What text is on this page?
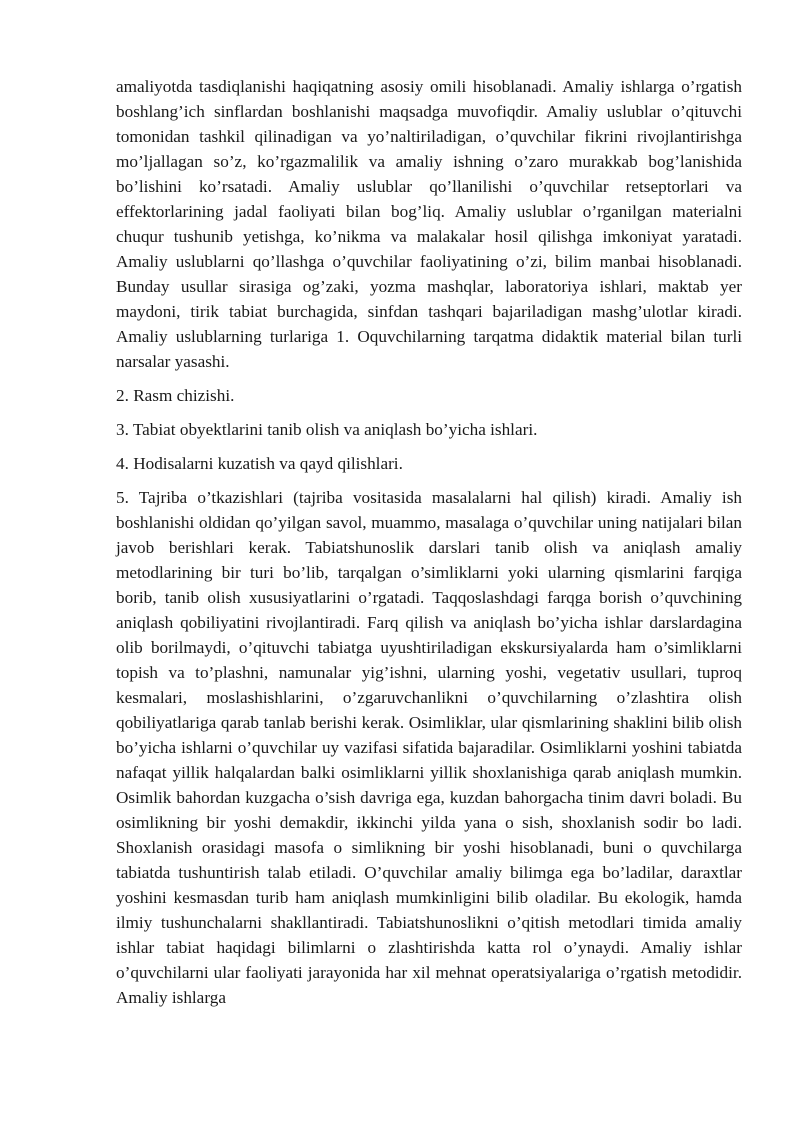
amaliyotda tasdiqlanishi haqiqatning asosiy omili hisoblanadi. Amaliy ishlarga o’rgatish boshlang’ich sinflardan boshlanishi maqsadga muvofiqdir. Amaliy uslublar o’qituvchi tomonidan tashkil qilinadigan va yo’naltiriladigan, o’quvchilar fikrini rivojlantirishga mo’ljallagan so’z, ko’rgazmalilik va amaliy ishning o’zaro murakkab bog’lanishida bo’lishini ko’rsatadi. Amaliy uslublar qo’llanilishi o’quvchilar retseptorlari va effektorlarining jadal faoliyati bilan bog’liq. Amaliy uslublar o’rganilgan materialni chuqur tushunib yetishga, ko’nikma va malakalar hosil qilishga imkoniyat yaratadi. Amaliy uslublarni qo’llashga o’quvchilar faoliyatining o’zi, bilim manbai hisoblanadi. Bunday usullar sirasiga og’zaki, yozma mashqlar, laboratoriya ishlari, maktab yer maydoni, tirik tabiat burchagida, sinfdan tashqari bajariladigan mashg’ulotlar kiradi. Amaliy uslublarning turlariga 1. Oquvchilarning tarqatma didaktik material bilan turli narsalar yasashi.

2. Rasm chizishi.

3. Tabiat obyektlarini tanib olish va aniqlash bo’yicha ishlari.

4. Hodisalarni kuzatish va qayd qilishlari.

5. Tajriba o’tkazishlari (tajriba vositasida masalalarni hal qilish) kiradi. Amaliy ish boshlanishi oldidan qo’yilgan savol, muammo, masalaga o’quvchilar uning natijalari bilan javob berishlari kerak. Tabiatshunoslik darslari tanib olish va aniqlash amaliy metodlarining bir turi bo’lib, tarqalgan o’simliklarni yoki ularning qismlarini farqiga borib, tanib olish xususiyatlarini o’rgatadi. Taqqoslashdagi farqga borish o’quvchining aniqlash qobiliyatini rivojlantiradi. Farq qilish va aniqlash bo’yicha ishlar darslardagina olib borilmaydi, o’qituvchi tabiatga uyushtiriladigan ekskursiyalarda ham o’simliklarni topish va to’plashni, namunalar yig’ishni, ularning yoshi, vegetativ usullari, tuproq kesmalari, moslashishlarini, o’zgaruvchanlikni o’quvchilarning o’zlashtira olish qobiliyatlariga qarab tanlab berishi kerak. Osimliklar, ular qismlarining shaklini bilib olish bo’yicha ishlarni o’quvchilar uy vazifasi sifatida bajaradilar. Osimliklarni yoshini tabiatda nafaqat yillik halqalardan balki osimliklarni yillik shoxlanishiga qarab aniqlash mumkin. Osimlik bahordan kuzgacha o’sish davriga ega, kuzdan bahorgacha tinim davri boladi. Bu osimlikning bir yoshi demakdir, ikkinchi yilda yana o sish, shoxlanish sodir bo ladi. Shoxlanish orasidagi masofa o simlikning bir yoshi hisoblanadi, buni o quvchilarga tabiatda tushuntirish talab etiladi. O’quvchilar amaliy bilimga ega bo’ladilar, daraxtlar yoshini kesmasdan turib ham aniqlash mumkinligini bilib oladilar. Bu ekologik, hamda ilmiy tushunchalarni shakllantiradi. Tabiatshunoslikni o’qitish metodlari timida amaliy ishlar tabiat haqidagi bilimlarni o zlashtirishda katta rol o’ynaydi. Amaliy ishlar o’quvchilarni ular faoliyati jarayonida har xil mehnat operatsiyalariga o’rgatish metodidir. Amaliy ishlarga
